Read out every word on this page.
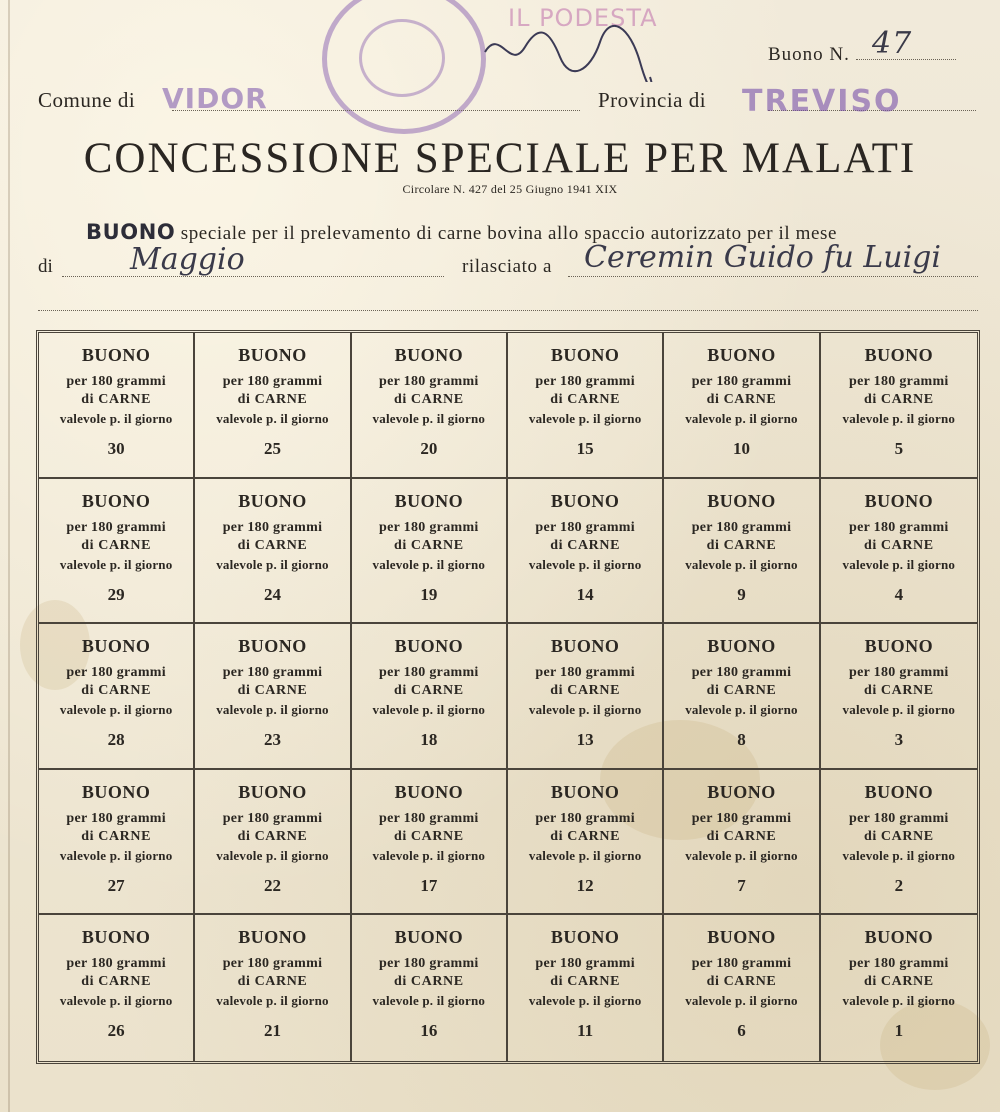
IL PODESTA
Buono N. 47
Comune di VIDOR	Provincia di TREVISO
CONCESSIONE SPECIALE PER MALATI
Circolare N. 427 del 25 Giugno 1941 XIX
BUONO speciale per il prelevamento di carne bovina allo spaccio autorizzato per il mese
di	Maggio	rilasciato a Ceremin Guido fu Luigi
BUONO
per 180 grammi
di CARNE
valevole p. il giorno
30
BUONO
per 180 grammi
di CARNE
valevole p. il giorno
25
BUONO
per 180 grammi
di CARNE
valevole p. il giorno
20
BUONO
per 180 grammi
di CARNE
valevole p. il giorno
15
BUONO
per 180 grammi
di CARNE
valevole p. il giorno
10
BUONO
per 180 grammi
di CARNE
valevole p. il giorno
5
BUONO
per 180 grammi
di CARNE
valevole p. il giorno
29
BUONO
per 180 grammi
di CARNE
valevole p. il giorno
24
BUONO
per 180 grammi
di CARNE
valevole p. il giorno
19
BUONO
per 180 grammi
di CARNE
valevole p. il giorno
14
BUONO
per 180 grammi
di CARNE
valevole p. il giorno
9
BUONO
per 180 grammi
di CARNE
valevole p. il giorno
4
BUONO
per 180 grammi
di CARNE
valevole p. il giorno
28
BUONO
per 180 grammi
di CARNE
valevole p. il giorno
23
BUONO
per 180 grammi
di CARNE
valevole p. il giorno
18
BUONO
per 180 grammi
di CARNE
valevole p. il giorno
13
BUONO
per 180 grammi
di CARNE
valevole p. il giorno
8
BUONO
per 180 grammi
di CARNE
valevole p. il giorno
3
BUONO
per 180 grammi
di CARNE
valevole p. il giorno
27
BUONO
per 180 grammi
di CARNE
valevole p. il giorno
22
BUONO
per 180 grammi
di CARNE
valevole p. il giorno
17
BUONO
per 180 grammi
di CARNE
valevole p. il giorno
12
BUONO
per 180 grammi
di CARNE
valevole p. il giorno
7
BUONO
per 180 grammi
di CARNE
valevole p. il giorno
2
BUONO
per 180 grammi
di CARNE
valevole p. il giorno
26
BUONO
per 180 grammi
di CARNE
valevole p. il giorno
21
BUONO
per 180 grammi
di CARNE
valevole p. il giorno
16
BUONO
per 180 grammi
di CARNE
valevole p. il giorno
11
BUONO
per 180 grammi
di CARNE
valevole p. il giorno
6
BUONO
per 180 grammi
di CARNE
valevole p. il giorno
1
